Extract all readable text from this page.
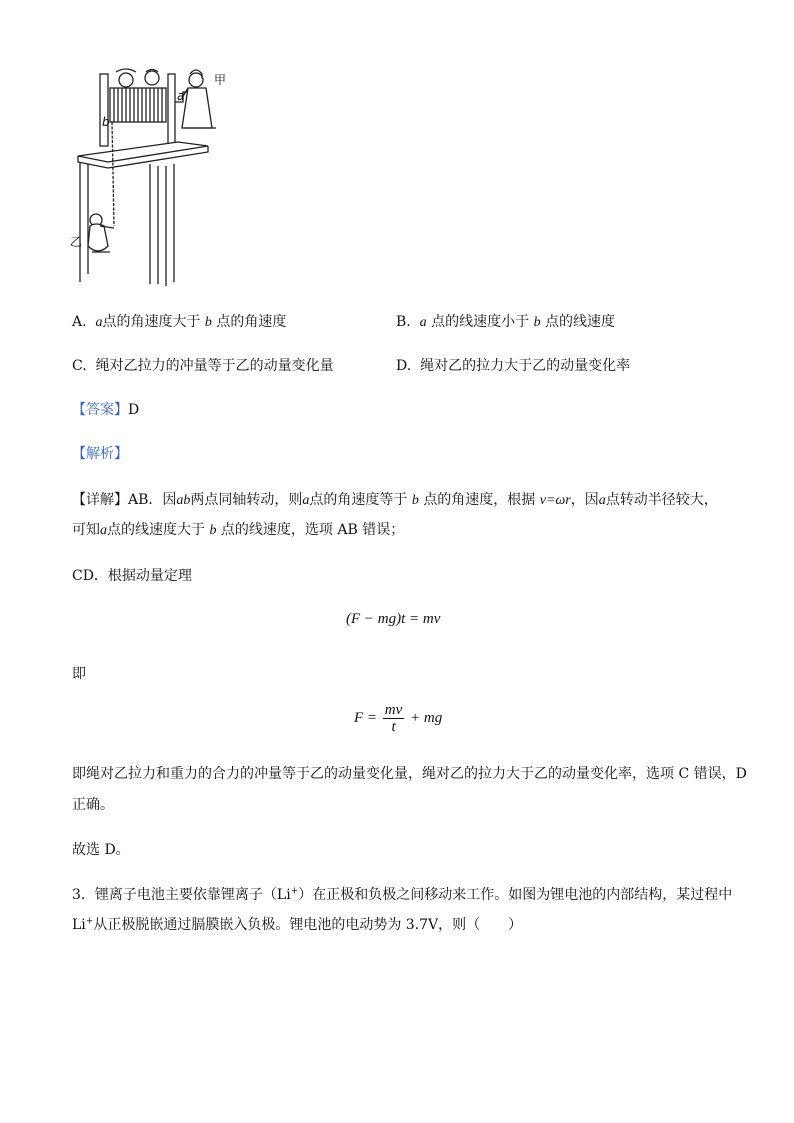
甲
a
b
乙
A. a点的角速度大于 b 点的角速度	B. a 点的线速度小于 b 点的线速度
C. 绳对乙拉力的冲量等于乙的动量变化量	D. 绳对乙的拉力大于乙的动量变化率
【答案】D
【解析】
【详解】AB．因ab两点同轴转动，则a点的角速度等于 b 点的角速度，根据 v=ωr，因a点转动半径较大，
可知a点的线速度大于 b 点的线速度，选项 AB 错误；
CD．根据动量定理
(F − mg)t = mv
即
$F = \frac{mv}{t}$ + mg
即绳对乙拉力和重力的合力的冲量等于乙的动量变化量，绳对乙的拉力大于乙的动量变化率，选项 C 错误，D
正确。
故选 D。
3．锂离子电池主要依靠锂离子（Li+）在正极和负极之间移动来工作。如图为锂电池的内部结构，某过程中
Li+从正极脱嵌通过膈膜嵌入负极。锂电池的电动势为 3.7V，则（　　）
